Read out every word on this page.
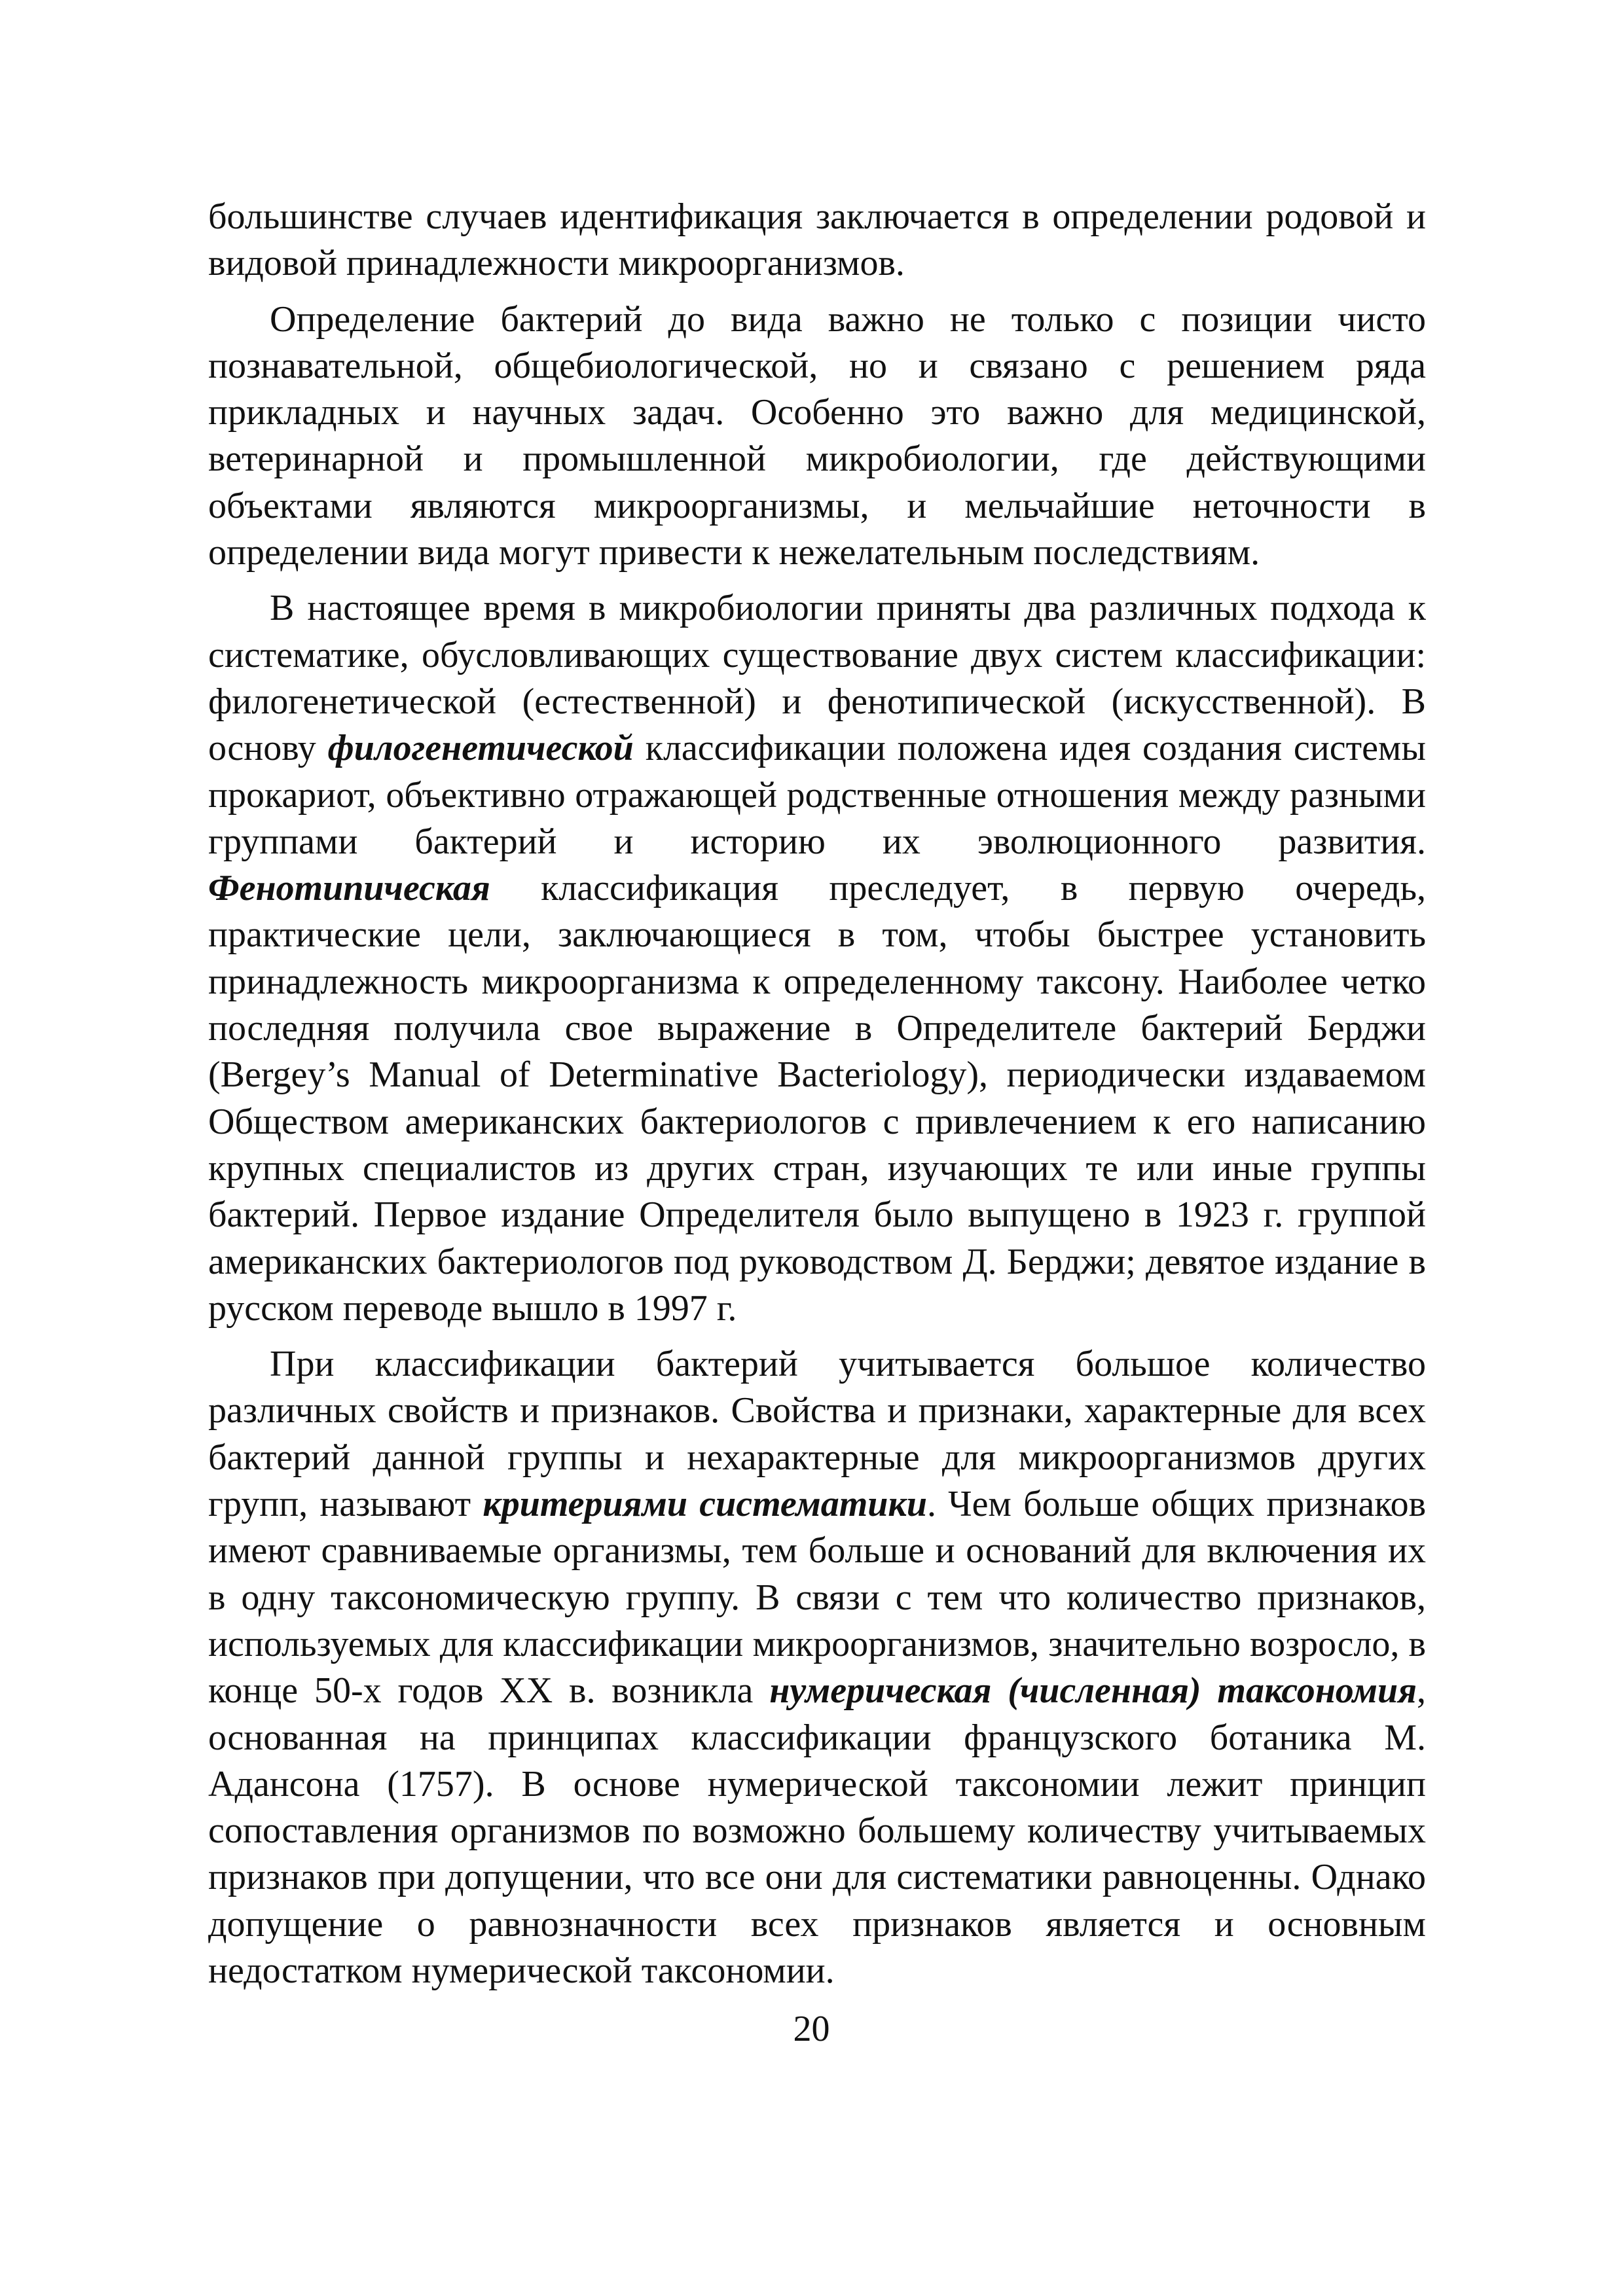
большинстве случаев идентификация заключается в определении родовой и видовой принадлежности микроорганизмов.

Определение бактерий до вида важно не только с позиции чисто познавательной, общебиологической, но и связано с решением ряда прикладных и научных задач. Особенно это важно для медицинской, ветеринарной и промышленной микробиологии, где действующими объектами являются микроорганизмы, и мельчайшие неточности в определении вида могут привести к нежелательным последствиям.

В настоящее время в микробиологии приняты два различных подхода к систематике, обусловливающих существование двух систем классификации: филогенетической (естественной) и фенотипической (искусственной). В основу филогенетической классификации положена идея создания системы прокариот, объективно отражающей родственные отношения между разными группами бактерий и историю их эволюционного развития. Фенотипическая классификация преследует, в первую очередь, практические цели, заключающиеся в том, чтобы быстрее установить принадлежность микроорганизма к определенному таксону. Наиболее четко последняя получила свое выражение в Определителе бактерий Берджи (Bergey’s Manual of Determinative Bacteriology), периодически издаваемом Обществом американских бактериологов с привлечением к его написанию крупных специалистов из других стран, изучающих те или иные группы бактерий. Первое издание Определителя было выпущено в 1923 г. группой американских бактериологов под руководством Д. Берджи; девятое издание в русском переводе вышло в 1997 г.

При классификации бактерий учитывается большое количество различных свойств и признаков. Свойства и признаки, характерные для всех бактерий данной группы и нехарактерные для микроорганизмов других групп, называют критериями систематики. Чем больше общих признаков имеют сравниваемые организмы, тем больше и оснований для включения их в одну таксономическую группу. В связи с тем что количество признаков, используемых для классификации микроорганизмов, значительно возросло, в конце 50-х годов XX в. возникла нумерическая (численная) таксономия, основанная на принципах классификации французского ботаника М. Адансона (1757). В основе нумерической таксономии лежит принцип сопоставления организмов по возможно большему количеству учитываемых признаков при допущении, что все они для систематики равноценны. Однако допущение о равнозначности всех признаков является и основным недостатком нумерической таксономии.

20
